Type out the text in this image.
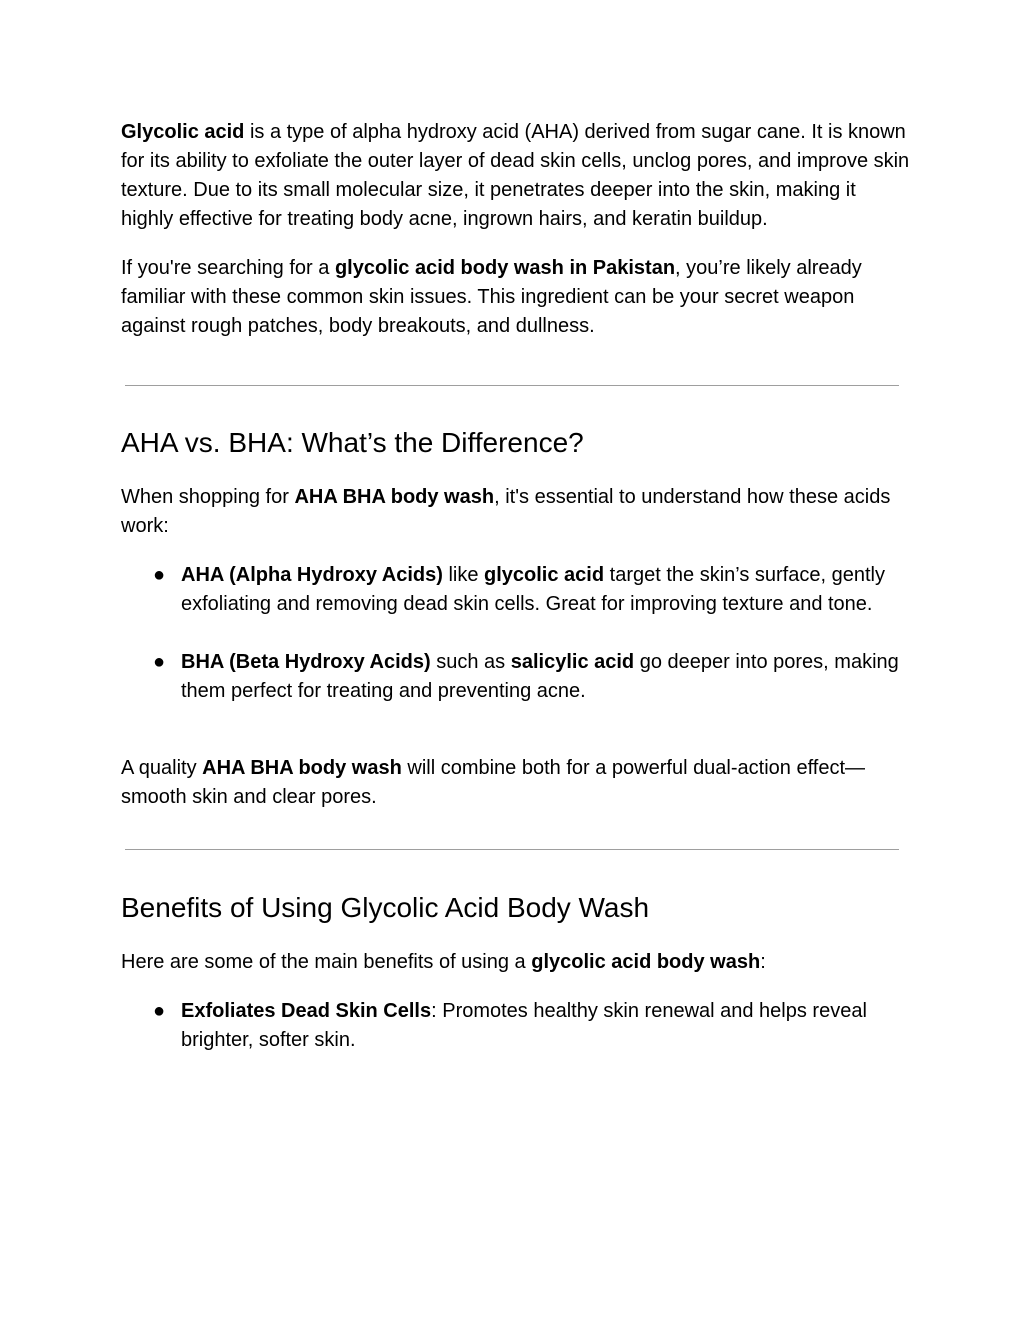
Glycolic acid is a type of alpha hydroxy acid (AHA) derived from sugar cane. It is known for its ability to exfoliate the outer layer of dead skin cells, unclog pores, and improve skin texture. Due to its small molecular size, it penetrates deeper into the skin, making it highly effective for treating body acne, ingrown hairs, and keratin buildup.

If you're searching for a glycolic acid body wash in Pakistan, you’re likely already familiar with these common skin issues. This ingredient can be your secret weapon against rough patches, body breakouts, and dullness.

AHA vs. BHA: What’s the Difference?

When shopping for AHA BHA body wash, it's essential to understand how these acids work:

● AHA (Alpha Hydroxy Acids) like glycolic acid target the skin’s surface, gently exfoliating and removing dead skin cells. Great for improving texture and tone.
● BHA (Beta Hydroxy Acids) such as salicylic acid go deeper into pores, making them perfect for treating and preventing acne.

A quality AHA BHA body wash will combine both for a powerful dual-action effect—smooth skin and clear pores.

Benefits of Using Glycolic Acid Body Wash

Here are some of the main benefits of using a glycolic acid body wash:

● Exfoliates Dead Skin Cells: Promotes healthy skin renewal and helps reveal brighter, softer skin.
